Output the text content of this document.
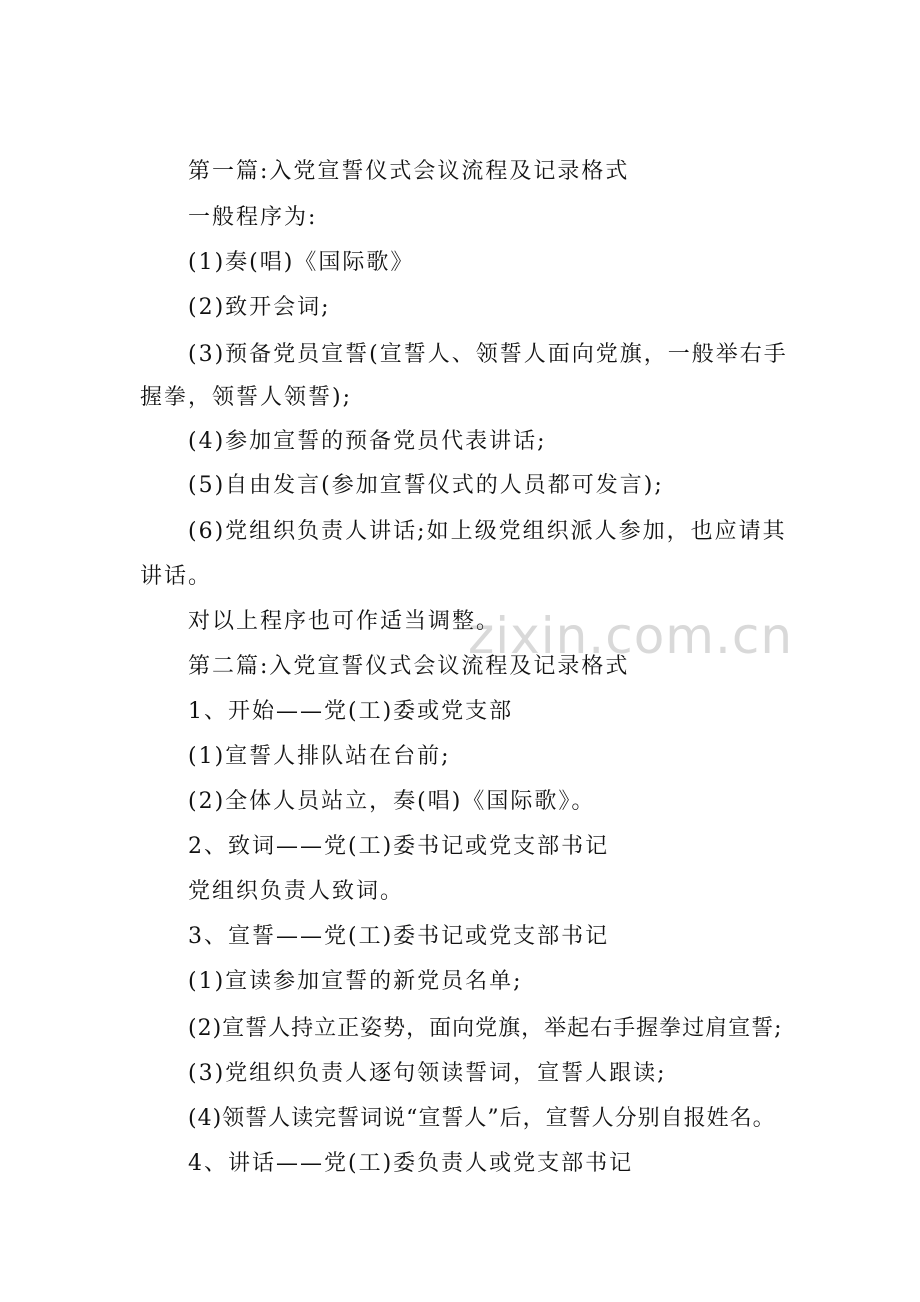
zixin.com.cn
第一篇:入党宣誓仪式会议流程及记录格式
一般程序为:
(1)奏(唱)《国际歌》
(2)致开会词;
(3)预备党员宣誓(宣誓人、领誓人面向党旗，一般举右手
握拳，领誓人领誓);
(4)参加宣誓的预备党员代表讲话;
(5)自由发言(参加宣誓仪式的人员都可发言);
(6)党组织负责人讲话;如上级党组织派人参加，也应请其
讲话。
对以上程序也可作适当调整。
第二篇:入党宣誓仪式会议流程及记录格式
1、开始——党(工)委或党支部
(1)宣誓人排队站在台前;
(2)全体人员站立，奏(唱)《国际歌》。
2、致词——党(工)委书记或党支部书记
党组织负责人致词。
3、宣誓——党(工)委书记或党支部书记
(1)宣读参加宣誓的新党员名单;
(2)宣誓人持立正姿势，面向党旗，举起右手握拳过肩宣誓;
(3)党组织负责人逐句领读誓词，宣誓人跟读;
(4)领誓人读完誓词说“宣誓人”后，宣誓人分别自报姓名。
4、讲话——党(工)委负责人或党支部书记
